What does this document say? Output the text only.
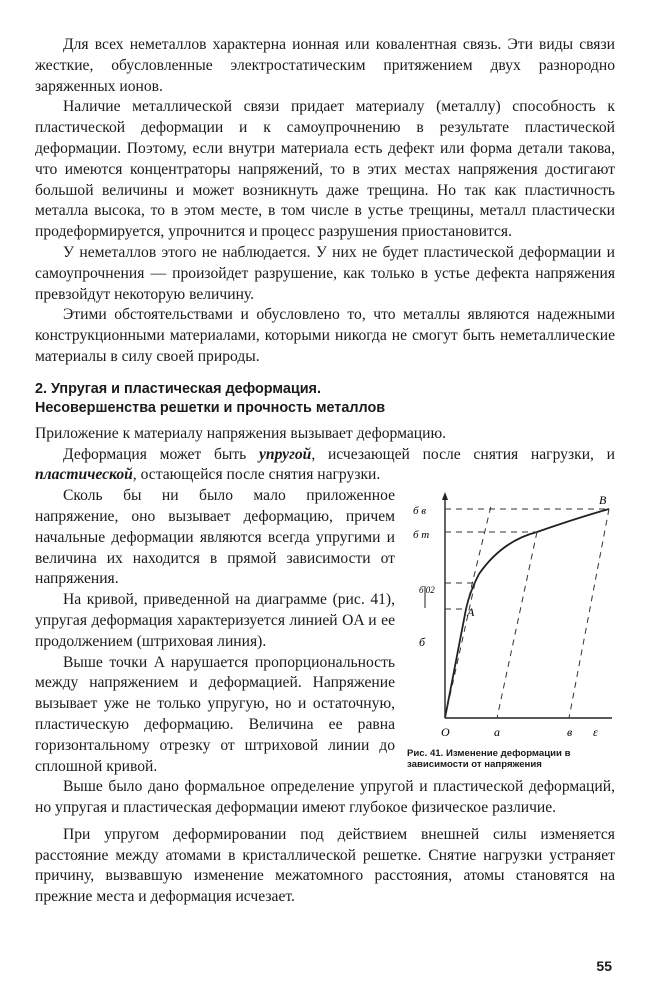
Для всех неметаллов характерна ионная или ковалентная связь. Эти виды связи жесткие, обусловленные электростатическим притяжением двух разнородно заряженных ионов.

Наличие металлической связи придает материалу (металлу) способность к пластической деформации и к самоупрочнению в результате пластической деформации. Поэтому, если внутри материала есть дефект или форма детали такова, что имеются концентраторы напряжений, то в этих местах напряжения достигают большой величины и может возникнуть даже трещина. Но так как пластичность металла высока, то в этом месте, в том числе в устье трещины, металл пластически продеформируется, упрочнится и процесс разрушения приостановится.

У неметаллов этого не наблюдается. У них не будет пластической деформации и самоупрочнения — произойдет разрушение, как только в устье дефекта напряжения превзойдут некоторую величину.

Этими обстоятельствами и обусловлено то, что металлы являются надежными конструкционными материалами, которыми никогда не смогут быть неметаллические материалы в силу своей природы.

2. Упругая и пластическая деформация.
Несовершенства решетки и прочность металлов

Приложение к материалу напряжения вызывает деформацию.

Деформация может быть упругой, исчезающей после снятия нагрузки, и пластической, остающейся после снятия нагрузки.

Сколь бы ни было мало приложенное напряжение, оно вызывает деформацию, причем начальные деформации являются всегда упругими и величина их находится в прямой зависимости от напряжения.

На кривой, приведенной на диаграмме (рис. 41), упругая деформация характеризуется линией OA и ее продолжением (штриховая линия).

Выше точки A нарушается пропорциональность между напряжением и деформацией. Напряжение вызывает уже не только упругую, но и остаточную, пластическую деформацию. Величина ее равна горизонтальному отрезку от штриховой линии до сплошной кривой.

б в
б т
б 02
б
A
B
O	a	в ε
Рис. 41. Изменение деформации в зависимости от напряжения

Выше было дано формальное определение упругой и пластической деформаций, но упругая и пластическая деформации имеют глубокое физическое различие.

При упругом деформировании под действием внешней силы изменяется расстояние между атомами в кристаллической решетке. Снятие нагрузки устраняет причину, вызвавшую изменение межатомного расстояния, атомы становятся на прежние места и деформация исчезает.

55
